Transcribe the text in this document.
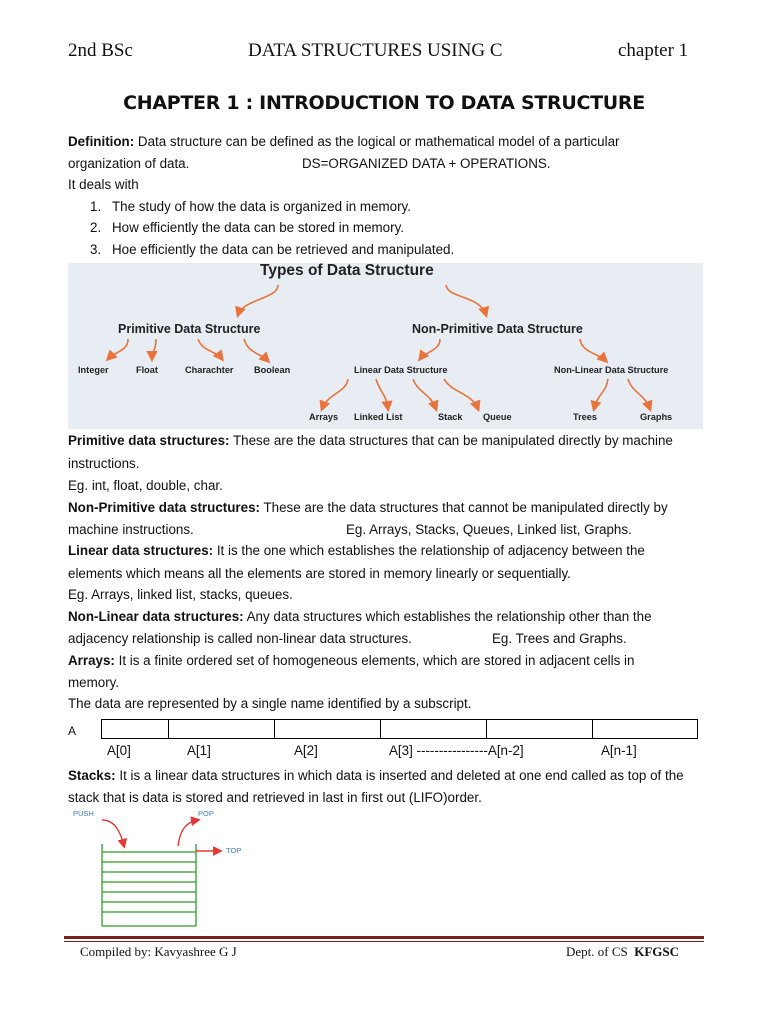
2nd BSc	DATA STRUCTURES USING C	chapter 1
CHAPTER 1 : INTRODUCTION TO DATA STRUCTURE
Definition: Data structure can be defined as the logical or mathematical model of a particular
organization of data.	DS=ORGANIZED DATA + OPERATIONS.
It deals with
1. The study of how the data is organized in memory.
2. How efficiently the data can be stored in memory.
3. Hoe efficiently the data can be retrieved and manipulated.
Types of Data Structure
Primitive Data Structure	Non-Primitive Data Structure
Integer	Float	Charachter Boolean	Linear Data Structure	Non-Linear Data Structure
Arrays Linked List	Stack Queue	Trees	Graphs
Primitive data structures: These are the data structures that can be manipulated directly by machine
instructions.
Eg. int, float, double, char.
Non-Primitive data structures: These are the data structures that cannot be manipulated directly by
machine instructions.	Eg. Arrays, Stacks, Queues, Linked list, Graphs.
Linear data structures: It is the one which establishes the relationship of adjacency between the
elements which means all the elements are stored in memory linearly or sequentially.
Eg. Arrays, linked list, stacks, queues.
Non-Linear data structures: Any data structures which establishes the relationship other than the
adjacency relationship is called non-linear data structures.	Eg. Trees and Graphs.
Arrays: It is a finite ordered set of homogeneous elements, which are stored in adjacent cells in
memory.
The data are represented by a single name identified by a subscript.
A
A[0]	A[1]	A[2]	A[3] ----------------A[n-2]	A[n-1]
Stacks: It is a linear data structures in which data is inserted and deleted at one end called as top of the
stack that is data is stored and retrieved in last in first out (LIFO)order.
PUSH	POP
TOP
Compiled by: Kavyashree G J	Dept. of CS KFGSC
